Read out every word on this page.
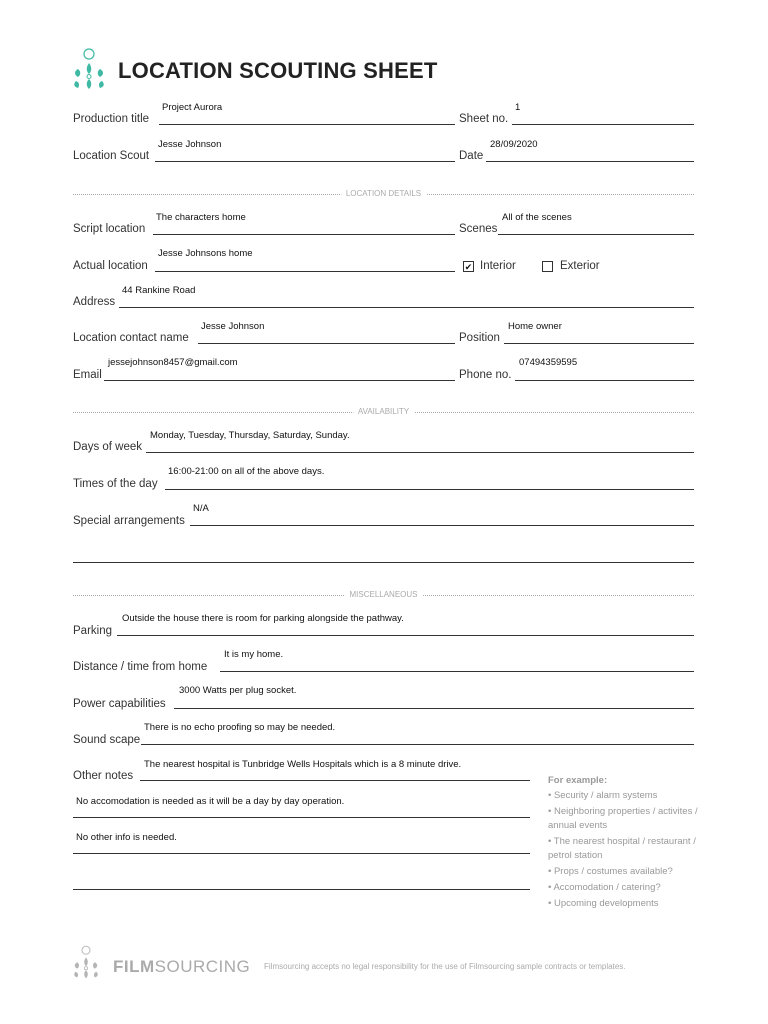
LOCATION SCOUTING SHEET
Production title
Project Aurora
Sheet no.
1
Location Scout
Jesse Johnson
Date
28/09/2020
LOCATION DETAILS
Script location
The characters home
Scenes
All of the scenes
Actual location
Jesse Johnsons home
✔ Interior	Exterior
Address
44 Rankine Road
Location contact name
Jesse Johnson
Position
Home owner
Email
jessejohnson8457@gmail.com
Phone no.
07494359595
AVAILABILITY
Days of week
Monday, Tuesday, Thursday, Saturday, Sunday.
Times of the day
16:00-21:00 on all of the above days.
Special arrangements
N/A
MISCELLANEOUS
Parking
Outside the house there is room for parking alongside the pathway.
Distance / time from home
It is my home.
Power capabilities
3000 Watts per plug socket.
Sound scape
There is no echo proofing so may be needed.
Other notes
The nearest hospital is Tunbridge Wells Hospitals which is a 8 minute drive.
No accomodation is needed as it will be a day by day operation.
No other info is needed.
For example:
• Security / alarm systems
• Neighboring properties / activites / annual events
• The nearest hospital / restaurant / petrol station
• Props / costumes available?
• Accomodation / catering?
• Upcoming developments
FILMSOURCING Filmsourcing accepts no legal responsibility for the use of Filmsourcing sample contracts or templates.
